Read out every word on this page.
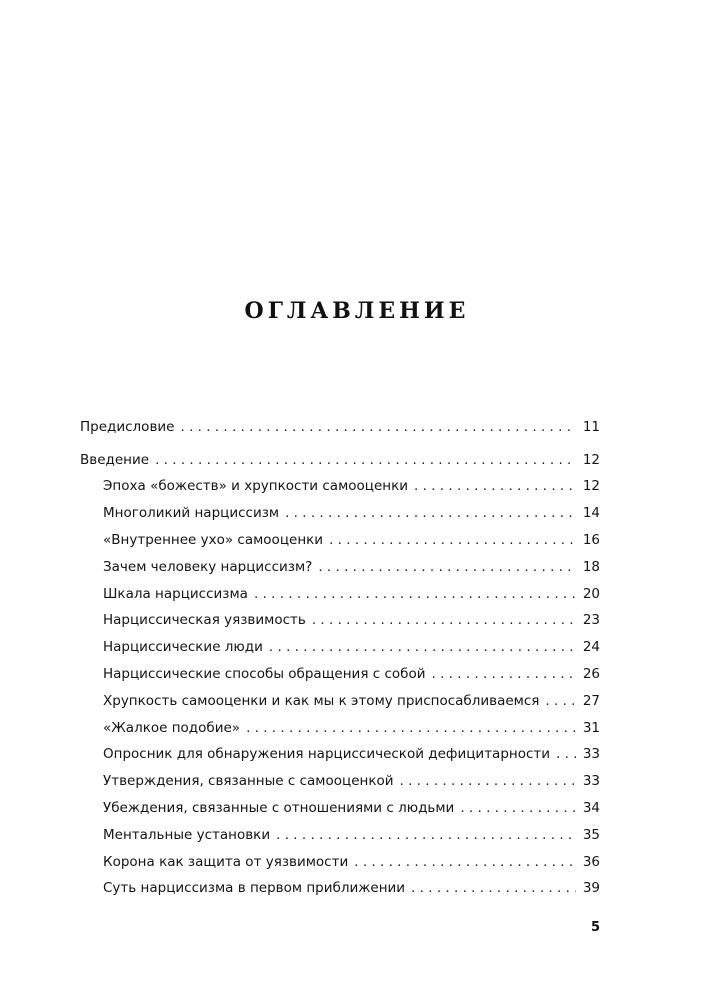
ОГЛАВЛЕНИЕ
Предисловие . . .	11
Введение . . .	12
Эпоха «божеств» и хрупкости самооценки . . .	12
Многоликий нарциссизм . . .	14
«Внутреннее ухо» самооценки . . .	16
Зачем человеку нарциссизм? . . .	18
Шкала нарциссизма . . .	20
Нарциссическая уязвимость . . .	23
Нарциссические люди . . .	24
Нарциссические способы обращения с собой . . .	26
Хрупкость самооценки и как мы к этому приспосабливаемся . . .	27
«Жалкое подобие» . . .	31
Опросник для обнаружения нарциссической дефицитарности . . . 33
Утверждения, связанные с самооценкой . . .	33
Убеждения, связанные с отношениями с людьми . . .	34
Ментальные установки . . .	35
Корона как защита от уязвимости . . .	36
Суть нарциссизма в первом приближении . . .	39
5
